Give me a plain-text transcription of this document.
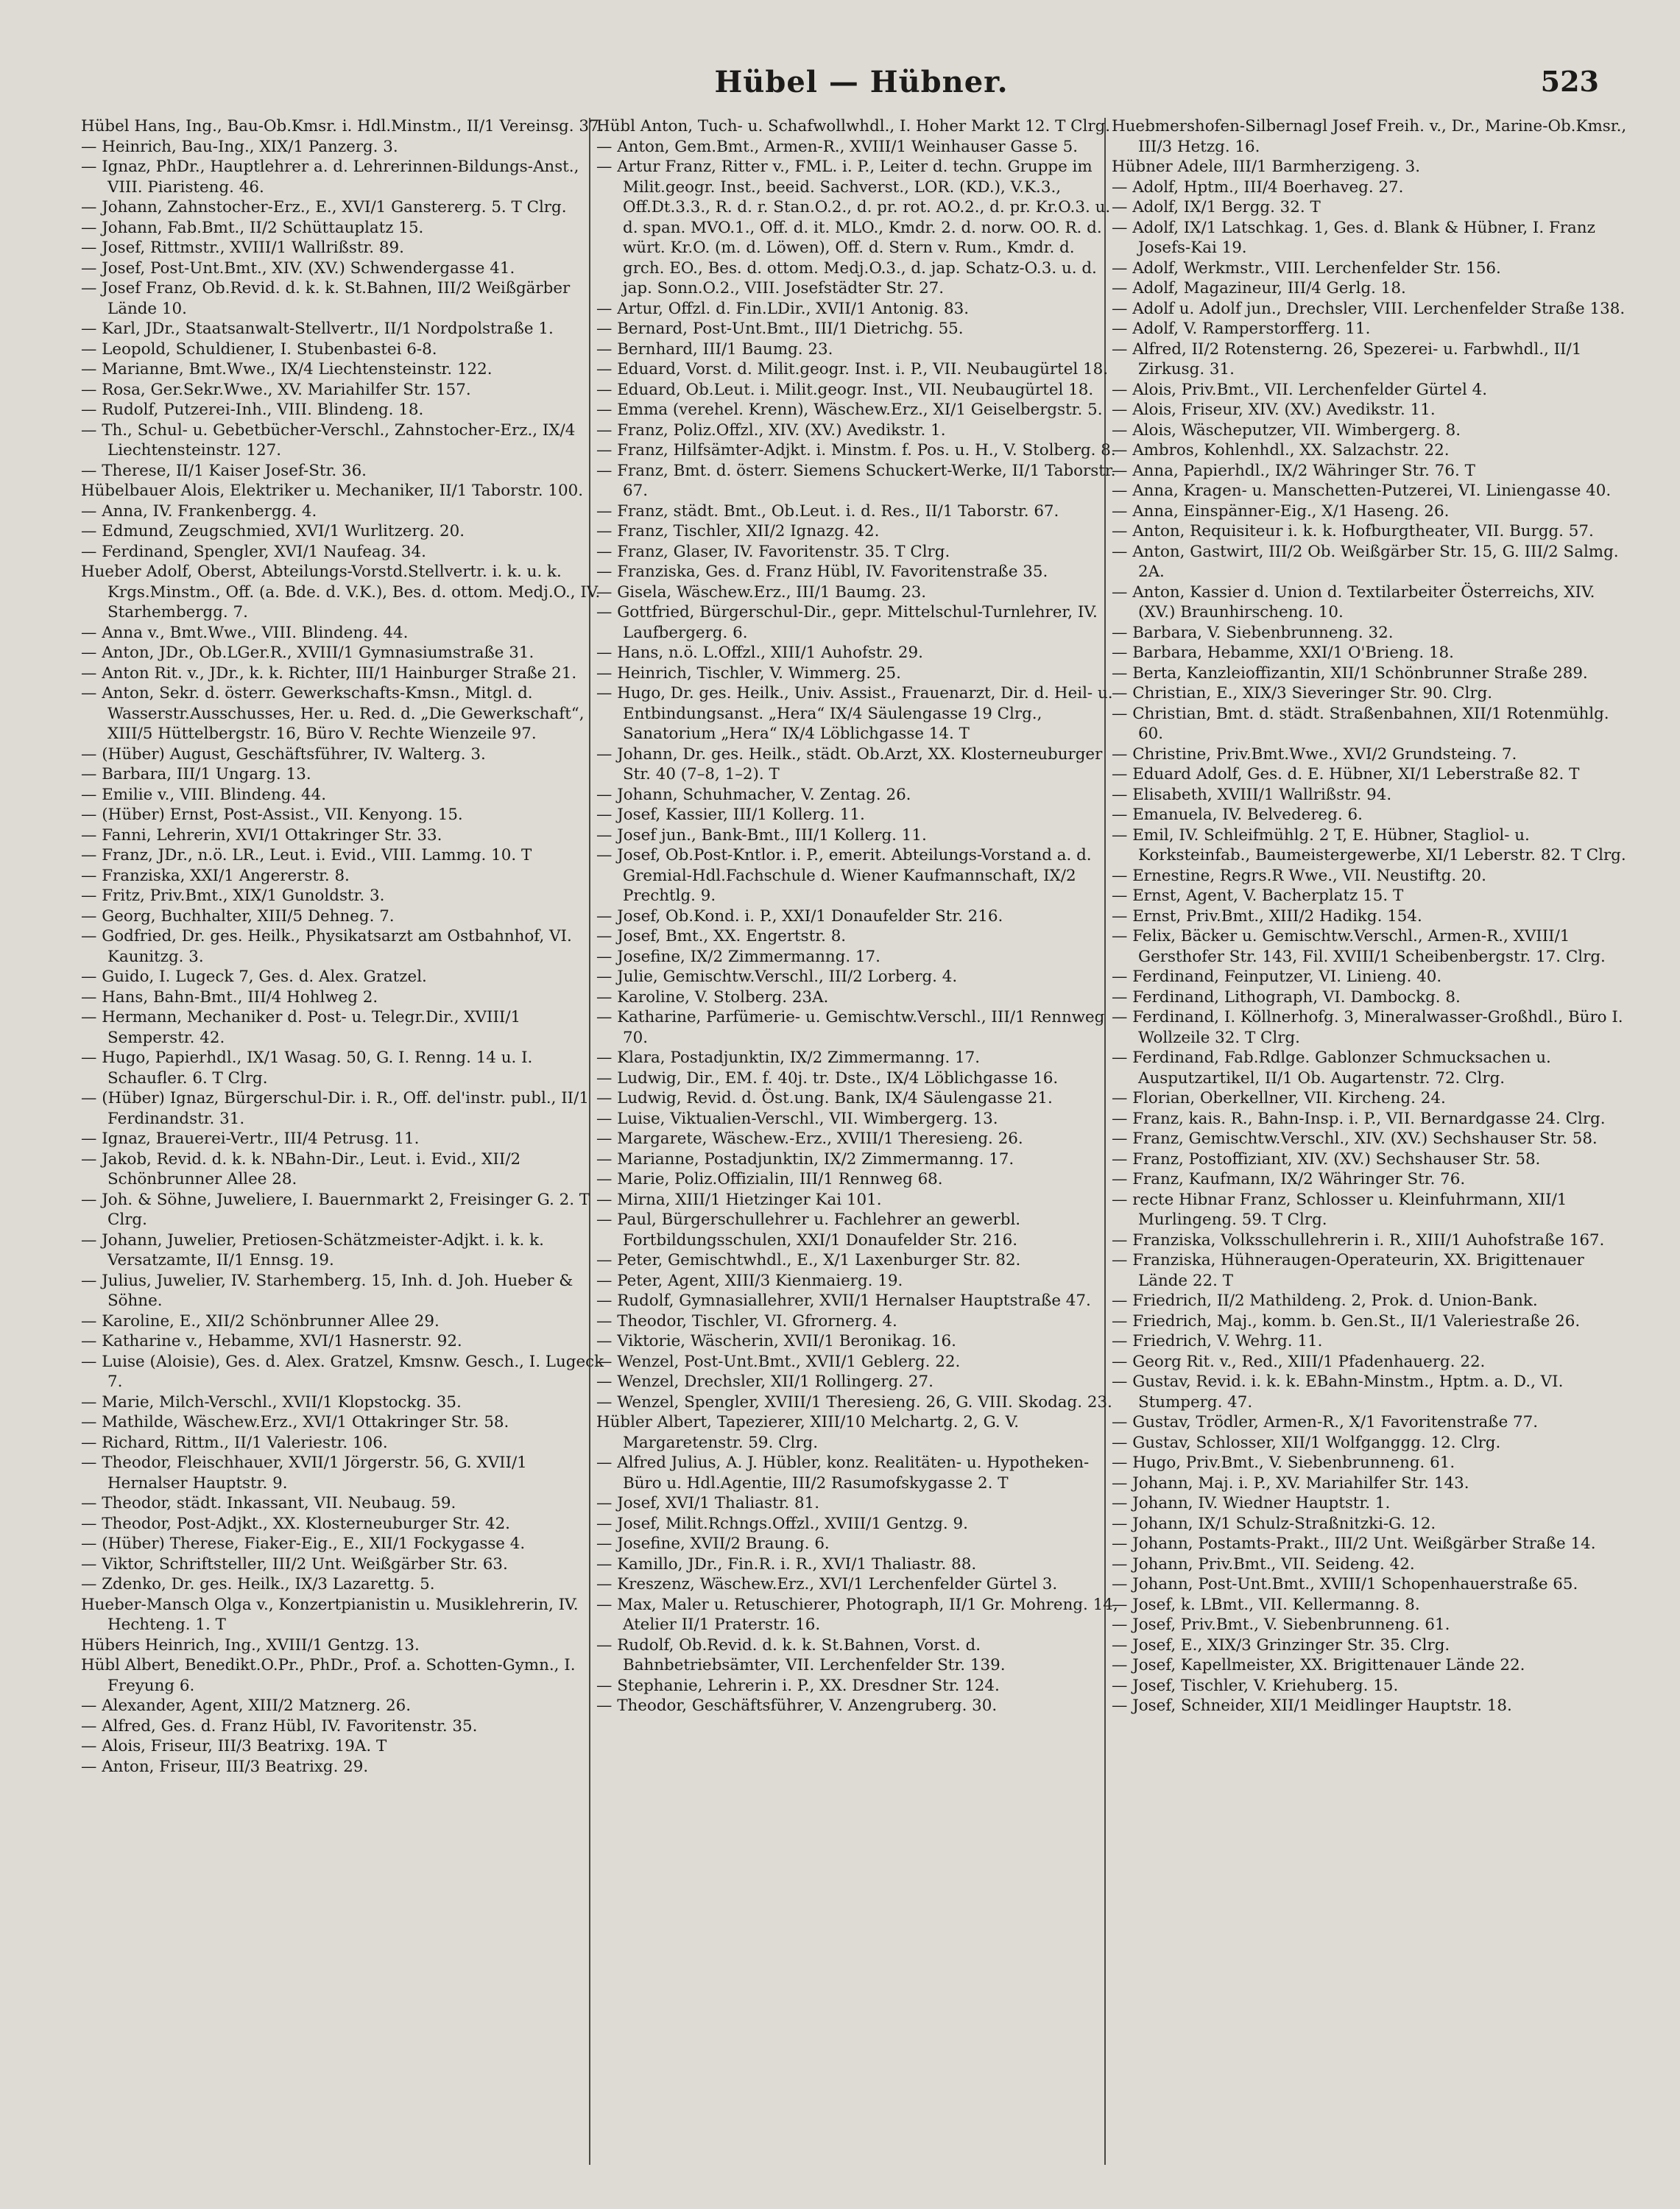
Hübel — Hübner.	523

Hübel Hans, Ing., Bau-Ob.Kmsr. i. Hdl.Minstm., II/1 Vereinsg. 37.

— Heinrich, Bau-Ing., XIX/1 Panzerg. 3.

— Ignaz, PhDr., Hauptlehrer a. d. Lehrerinnen-Bildungs-Anst., VIII. Piaristeng. 46.

— Johann, Zahnstocher-Erz., E., XVI/1 Ganstererg. 5. T Clrg.

— Johann, Fab.Bmt., II/2 Schüttauplatz 15.

— Josef, Rittmstr., XVIII/1 Wallrißstr. 89.

— Josef, Post-Unt.Bmt., XIV. (XV.) Schwendergasse 41.

— Josef Franz, Ob.Revid. d. k. k. St.Bahnen, III/2 Weißgärber Lände 10.

— Karl, JDr., Staatsanwalt-Stellvertr., II/1 Nordpolstraße 1.

— Leopold, Schuldiener, I. Stubenbastei 6-8.

— Marianne, Bmt.Wwe., IX/4 Liechtensteinstr. 122.

— Rosa, Ger.Sekr.Wwe., XV. Mariahilfer Str. 157.

— Rudolf, Putzerei-Inh., VIII. Blindeng. 18.

— Th., Schul- u. Gebetbücher-Verschl., Zahnstocher-Erz., IX/4 Liechtensteinstr. 127.

— Therese, II/1 Kaiser Josef-Str. 36.

Hübelbauer Alois, Elektriker u. Mechaniker, II/1 Taborstr. 100.

— Anna, IV. Frankenbergg. 4.

— Edmund, Zeugschmied, XVI/1 Wurlitzerg. 20.

— Ferdinand, Spengler, XVI/1 Naufeag. 34.

Hueber Adolf, Oberst, Abteilungs-Vorstd.Stellvertr. i. k. u. k. Krgs.Minstm., Off. (a. Bde. d. V.K.), Bes. d. ottom. Medj.O., IV. Starhembergg. 7.

— Anna v., Bmt.Wwe., VIII. Blindeng. 44.

— Anton, JDr., Ob.LGer.R., XVIII/1 Gymnasiumstraße 31.

— Anton Rit. v., JDr., k. k. Richter, III/1 Hainburger Straße 21.

— Anton, Sekr. d. österr. Gewerkschafts-Kmsn., Mitgl. d. Wasserstr.Ausschusses, Her. u. Red. d. „Die Gewerkschaft“, XIII/5 Hüttelbergstr. 16, Büro V. Rechte Wienzeile 97.

— (Hüber) August, Geschäftsführer, IV. Walterg. 3.

— Barbara, III/1 Ungarg. 13.

— Emilie v., VIII. Blindeng. 44.

— (Hüber) Ernst, Post-Assist., VII. Kenyong. 15.

— Fanni, Lehrerin, XVI/1 Ottakringer Str. 33.

— Franz, JDr., n.ö. LR., Leut. i. Evid., VIII. Lammg. 10. T

— Franziska, XXI/1 Angererstr. 8.

— Fritz, Priv.Bmt., XIX/1 Gunoldstr. 3.

— Georg, Buchhalter, XIII/5 Dehneg. 7.

— Godfried, Dr. ges. Heilk., Physikatsarzt am Ostbahnhof, VI. Kaunitzg. 3.

— Guido, I. Lugeck 7, Ges. d. Alex. Gratzel.

— Hans, Bahn-Bmt., III/4 Hohlweg 2.

— Hermann, Mechaniker d. Post- u. Telegr.Dir., XVIII/1 Semperstr. 42.

— Hugo, Papierhdl., IX/1 Wasag. 50, G. I. Renng. 14 u. I. Schaufler. 6. T Clrg.

— (Hüber) Ignaz, Bürgerschul-Dir. i. R., Off. del'instr. publ., II/1 Ferdinandstr. 31.

— Ignaz, Brauerei-Vertr., III/4 Petrusg. 11.

— Jakob, Revid. d. k. k. NBahn-Dir., Leut. i. Evid., XII/2 Schönbrunner Allee 28.

— Joh. & Söhne, Juweliere, I. Bauernmarkt 2, Freisinger G. 2. T Clrg.

— Johann, Juwelier, Pretiosen-Schätzmeister-Adjkt. i. k. k. Versatzamte, II/1 Ennsg. 19.

— Julius, Juwelier, IV. Starhemberg. 15, Inh. d. Joh. Hueber & Söhne.

— Karoline, E., XII/2 Schönbrunner Allee 29.

— Katharine v., Hebamme, XVI/1 Hasnerstr. 92.

— Luise (Aloisie), Ges. d. Alex. Gratzel, Kmsnw. Gesch., I. Lugeck 7.

— Marie, Milch-Verschl., XVII/1 Klopstockg. 35.

— Mathilde, Wäschew.Erz., XVI/1 Ottakringer Str. 58.

— Richard, Rittm., II/1 Valeriestr. 106.

— Theodor, Fleischhauer, XVII/1 Jörgerstr. 56, G. XVII/1 Hernalser Hauptstr. 9.

— Theodor, städt. Inkassant, VII. Neubaug. 59.

— Theodor, Post-Adjkt., XX. Klosterneuburger Str. 42.

— (Hüber) Therese, Fiaker-Eig., E., XII/1 Fockygasse 4.

— Viktor, Schriftsteller, III/2 Unt. Weißgärber Str. 63.

— Zdenko, Dr. ges. Heilk., IX/3 Lazarettg. 5.

Hueber-Mansch Olga v., Konzertpianistin u. Musiklehrerin, IV. Hechteng. 1. T

Hübers Heinrich, Ing., XVIII/1 Gentzg. 13.

Hübl Albert, Benedikt.O.Pr., PhDr., Prof. a. Schotten-Gymn., I. Freyung 6.

— Alexander, Agent, XIII/2 Matznerg. 26.

— Alfred, Ges. d. Franz Hübl, IV. Favoritenstr. 35.

— Alois, Friseur, III/3 Beatrixg. 19A. T

— Anton, Friseur, III/3 Beatrixg. 29.

Hübl Anton, Tuch- u. Schafwollwhdl., I. Hoher Markt 12. T Clrg.

— Anton, Gem.Bmt., Armen-R., XVIII/1 Weinhauser Gasse 5.

— Artur Franz, Ritter v., FML. i. P., Leiter d. techn. Gruppe im Milit.geogr. Inst., beeid. Sachverst., LOR. (KD.), V.K.3., Off.Dt.3.3., R. d. r. Stan.O.2., d. pr. rot. AO.2., d. pr. Kr.O.3. u. d. span. MVO.1., Off. d. it. MLO., Kmdr. 2. d. norw. OO. R. d. würt. Kr.O. (m. d. Löwen), Off. d. Stern v. Rum., Kmdr. d. grch. EO., Bes. d. ottom. Medj.O.3., d. jap. Schatz-O.3. u. d. jap. Sonn.O.2., VIII. Josefstädter Str. 27.

— Artur, Offzl. d. Fin.LDir., XVII/1 Antonig. 83.

— Bernard, Post-Unt.Bmt., III/1 Dietrichg. 55.

— Bernhard, III/1 Baumg. 23.

— Eduard, Vorst. d. Milit.geogr. Inst. i. P., VII. Neubaugürtel 18.

— Eduard, Ob.Leut. i. Milit.geogr. Inst., VII. Neubaugürtel 18.

— Emma (verehel. Krenn), Wäschew.Erz., XI/1 Geiselbergstr. 5.

— Franz, Poliz.Offzl., XIV. (XV.) Avedikstr. 1.

— Franz, Hilfsämter-Adjkt. i. Minstm. f. Pos. u. H., V. Stolberg. 8.

— Franz, Bmt. d. österr. Siemens Schuckert-Werke, II/1 Taborstr. 67.

— Franz, städt. Bmt., Ob.Leut. i. d. Res., II/1 Taborstr. 67.

— Franz, Tischler, XII/2 Ignazg. 42.

— Franz, Glaser, IV. Favoritenstr. 35. T Clrg.

— Franziska, Ges. d. Franz Hübl, IV. Favoritenstraße 35.

— Gisela, Wäschew.Erz., III/1 Baumg. 23.

— Gottfried, Bürgerschul-Dir., gepr. Mittelschul-Turnlehrer, IV. Laufbergerg. 6.

— Hans, n.ö. L.Offzl., XIII/1 Auhofstr. 29.

— Heinrich, Tischler, V. Wimmerg. 25.

— Hugo, Dr. ges. Heilk., Univ. Assist., Frauenarzt, Dir. d. Heil- u. Entbindungsanst. „Hera“ IX/4 Säulengasse 19 Clrg., Sanatorium „Hera“ IX/4 Löblichgasse 14. T

— Johann, Dr. ges. Heilk., städt. Ob.Arzt, XX. Klosterneuburger Str. 40 (7–8, 1–2). T

— Johann, Schuhmacher, V. Zentag. 26.

— Josef, Kassier, III/1 Kollerg. 11.

— Josef jun., Bank-Bmt., III/1 Kollerg. 11.

— Josef, Ob.Post-Kntlor. i. P., emerit. Abteilungs-Vorstand a. d. Gremial-Hdl.Fachschule d. Wiener Kaufmannschaft, IX/2 Prechtlg. 9.

— Josef, Ob.Kond. i. P., XXI/1 Donaufelder Str. 216.

— Josef, Bmt., XX. Engertstr. 8.

— Josefine, IX/2 Zimmermanng. 17.

— Julie, Gemischtw.Verschl., III/2 Lorberg. 4.

— Karoline, V. Stolberg. 23A.

— Katharine, Parfümerie- u. Gemischtw.Verschl., III/1 Rennweg 70.

— Klara, Postadjunktin, IX/2 Zimmermanng. 17.

— Ludwig, Dir., EM. f. 40j. tr. Dste., IX/4 Löblichgasse 16.

— Ludwig, Revid. d. Öst.ung. Bank, IX/4 Säulengasse 21.

— Luise, Viktualien-Verschl., VII. Wimbergerg. 13.

— Margarete, Wäschew.-Erz., XVIII/1 Theresieng. 26.

— Marianne, Postadjunktin, IX/2 Zimmermanng. 17.

— Marie, Poliz.Offizialin, III/1 Rennweg 68.

— Mirna, XIII/1 Hietzinger Kai 101.

— Paul, Bürgerschullehrer u. Fachlehrer an gewerbl. Fortbildungsschulen, XXI/1 Donaufelder Str. 216.

— Peter, Gemischtwhdl., E., X/1 Laxenburger Str. 82.

— Peter, Agent, XIII/3 Kienmaierg. 19.

— Rudolf, Gymnasiallehrer, XVII/1 Hernalser Hauptstraße 47.

— Theodor, Tischler, VI. Gfrornerg. 4.

— Viktorie, Wäscherin, XVII/1 Beronikag. 16.

— Wenzel, Post-Unt.Bmt., XVII/1 Geblerg. 22.

— Wenzel, Drechsler, XII/1 Rollingerg. 27.

— Wenzel, Spengler, XVIII/1 Theresieng. 26, G. VIII. Skodag. 23.

Hübler Albert, Tapezierer, XIII/10 Melchartg. 2, G. V. Margaretenstr. 59. Clrg.

— Alfred Julius, A. J. Hübler, konz. Realitäten- u. Hypotheken-Büro u. Hdl.Agentie, III/2 Rasumofskygasse 2. T

— Josef, XVI/1 Thaliastr. 81.

— Josef, Milit.Rchngs.Offzl., XVIII/1 Gentzg. 9.

— Josefine, XVII/2 Braung. 6.

— Kamillo, JDr., Fin.R. i. R., XVI/1 Thaliastr. 88.

— Kreszenz, Wäschew.Erz., XVI/1 Lerchenfelder Gürtel 3.

— Max, Maler u. Retuschierer, Photograph, II/1 Gr. Mohreng. 14, Atelier II/1 Praterstr. 16.

— Rudolf, Ob.Revid. d. k. k. St.Bahnen, Vorst. d. Bahnbetriebsämter, VII. Lerchenfelder Str. 139.

— Stephanie, Lehrerin i. P., XX. Dresdner Str. 124.

— Theodor, Geschäftsführer, V. Anzengruberg. 30.

Huebmershofen-Silbernagl Josef Freih. v., Dr., Marine-Ob.Kmsr., III/3 Hetzg. 16.

Hübner Adele, III/1 Barmherzigeng. 3.

— Adolf, Hptm., III/4 Boerhaveg. 27.

— Adolf, IX/1 Bergg. 32. T

— Adolf, IX/1 Latschkag. 1, Ges. d. Blank & Hübner, I. Franz Josefs-Kai 19.

— Adolf, Werkmstr., VIII. Lerchenfelder Str. 156.

— Adolf, Magazineur, III/4 Gerlg. 18.

— Adolf u. Adolf jun., Drechsler, VIII. Lerchenfelder Straße 138.

— Adolf, V. Ramperstorfferg. 11.

— Alfred, II/2 Rotensterng. 26, Spezerei- u. Farbwhdl., II/1 Zirkusg. 31.

— Alois, Priv.Bmt., VII. Lerchenfelder Gürtel 4.

— Alois, Friseur, XIV. (XV.) Avedikstr. 11.

— Alois, Wäscheputzer, VII. Wimbergerg. 8.

— Ambros, Kohlenhdl., XX. Salzachstr. 22.

— Anna, Papierhdl., IX/2 Währinger Str. 76. T

— Anna, Kragen- u. Manschetten-Putzerei, VI. Liniengasse 40.

— Anna, Einspänner-Eig., X/1 Haseng. 26.

— Anton, Requisiteur i. k. k. Hofburgtheater, VII. Burgg. 57.

— Anton, Gastwirt, III/2 Ob. Weißgärber Str. 15, G. III/2 Salmg. 2A.

— Anton, Kassier d. Union d. Textilarbeiter Österreichs, XIV. (XV.) Braunhirscheng. 10.

— Barbara, V. Siebenbrunneng. 32.

— Barbara, Hebamme, XXI/1 O'Brieng. 18.

— Berta, Kanzleioffizantin, XII/1 Schönbrunner Straße 289.

— Christian, E., XIX/3 Sieveringer Str. 90. Clrg.

— Christian, Bmt. d. städt. Straßenbahnen, XII/1 Rotenmühlg. 60.

— Christine, Priv.Bmt.Wwe., XVI/2 Grundsteing. 7.

— Eduard Adolf, Ges. d. E. Hübner, XI/1 Leberstraße 82. T

— Elisabeth, XVIII/1 Wallrißstr. 94.

— Emanuela, IV. Belvedereg. 6.

— Emil, IV. Schleifmühlg. 2 T, E. Hübner, Stagliol- u. Korksteinfab., Baumeistergewerbe, XI/1 Leberstr. 82. T Clrg.

— Ernestine, Regrs.R Wwe., VII. Neustiftg. 20.

— Ernst, Agent, V. Bacherplatz 15. T

— Ernst, Priv.Bmt., XIII/2 Hadikg. 154.

— Felix, Bäcker u. Gemischtw.Verschl., Armen-R., XVIII/1 Gersthofer Str. 143, Fil. XVIII/1 Scheibenbergstr. 17. Clrg.

— Ferdinand, Feinputzer, VI. Linieng. 40.

— Ferdinand, Lithograph, VI. Dambockg. 8.

— Ferdinand, I. Köllnerhofg. 3, Mineralwasser-Großhdl., Büro I. Wollzeile 32. T Clrg.

— Ferdinand, Fab.Rdlge. Gablonzer Schmucksachen u. Ausputzartikel, II/1 Ob. Augartenstr. 72. Clrg.

— Florian, Oberkellner, VII. Kircheng. 24.

— Franz, kais. R., Bahn-Insp. i. P., VII. Bernardgasse 24. Clrg.

— Franz, Gemischtw.Verschl., XIV. (XV.) Sechshauser Str. 58.

— Franz, Postoffiziant, XIV. (XV.) Sechshauser Str. 58.

— Franz, Kaufmann, IX/2 Währinger Str. 76.

— recte Hibnar Franz, Schlosser u. Kleinfuhrmann, XII/1 Murlingeng. 59. T Clrg.

— Franziska, Volksschullehrerin i. R., XIII/1 Auhofstraße 167.

— Franziska, Hühneraugen-Operateurin, XX. Brigittenauer Lände 22. T

— Friedrich, II/2 Mathildeng. 2, Prok. d. Union-Bank.

— Friedrich, Maj., komm. b. Gen.St., II/1 Valeriestraße 26.

— Friedrich, V. Wehrg. 11.

— Georg Rit. v., Red., XIII/1 Pfadenhauerg. 22.

— Gustav, Revid. i. k. k. EBahn-Minstm., Hptm. a. D., VI. Stumperg. 47.

— Gustav, Trödler, Armen-R., X/1 Favoritenstraße 77.

— Gustav, Schlosser, XII/1 Wolfganggg. 12. Clrg.

— Hugo, Priv.Bmt., V. Siebenbrunneng. 61.

— Johann, Maj. i. P., XV. Mariahilfer Str. 143.

— Johann, IV. Wiedner Hauptstr. 1.

— Johann, IX/1 Schulz-Straßnitzki-G. 12.

— Johann, Postamts-Prakt., III/2 Unt. Weißgärber Straße 14.

— Johann, Priv.Bmt., VII. Seideng. 42.

— Johann, Post-Unt.Bmt., XVIII/1 Schopenhauerstraße 65.

— Josef, k. LBmt., VII. Kellermanng. 8.

— Josef, Priv.Bmt., V. Siebenbrunneng. 61.

— Josef, E., XIX/3 Grinzinger Str. 35. Clrg.

— Josef, Kapellmeister, XX. Brigittenauer Lände 22.

— Josef, Tischler, V. Kriehuberg. 15.

— Josef, Schneider, XII/1 Meidlinger Hauptstr. 18.
